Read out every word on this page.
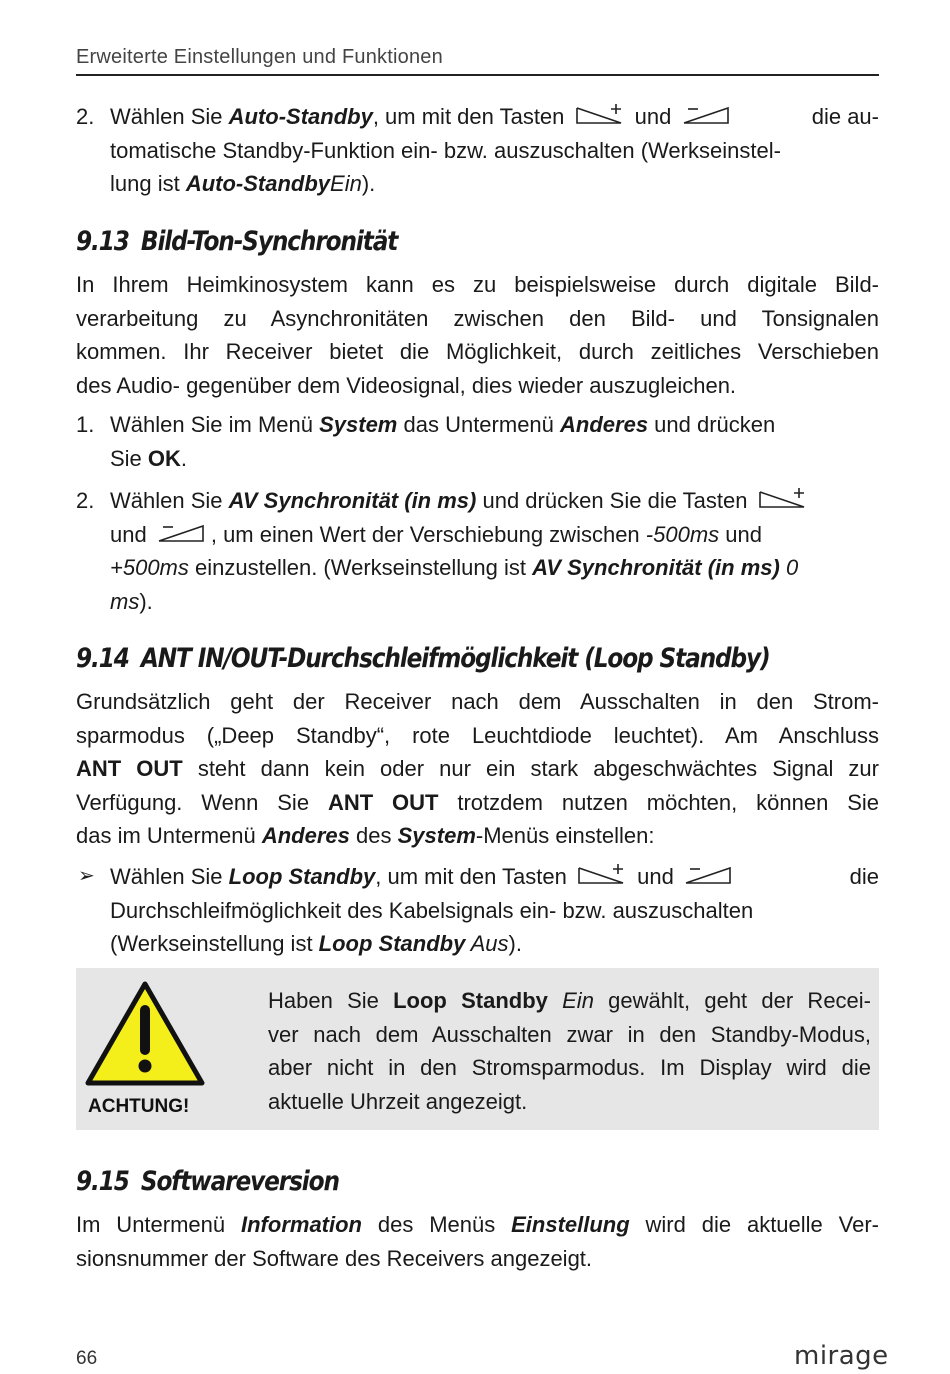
Erweiterte Einstellungen und Funktionen
2. Wählen Sie Auto-Standby, um mit den Tasten	und	die au-
tomatische Standby-Funktion ein- bzw. auszuschalten (Werkseinstel-
lung ist Auto-StandbyEin).
9.13 Bild-Ton-Synchronität
In Ihrem Heimkinosystem kann es zu beispielsweise durch digitale Bild-
verarbeitung zu Asynchronitäten zwischen den Bild- und Tonsignalen
kommen. Ihr Receiver bietet die Möglichkeit, durch zeitliches Verschieben
des Audio- gegenüber dem Videosignal, dies wieder auszugleichen.
1. Wählen Sie im Menü System das Untermenü Anderes und drücken
Sie OK.
2. Wählen Sie AV Synchronität (in ms) und drücken Sie die Tasten
und	, um einen Wert der Verschiebung zwischen -500ms und
+500ms einzustellen. (Werkseinstellung ist AV Synchronität (in ms) 0
ms).
9.14 ANT IN/OUT-Durchschleifmöglichkeit (Loop Standby)
Grundsätzlich geht der Receiver nach dem Ausschalten in den Strom-
sparmodus („Deep Standby“, rote Leuchtdiode leuchtet). Am Anschluss
ANT OUT steht dann kein oder nur ein stark abgeschwächtes Signal zur
Verfügung. Wenn Sie ANT OUT trotzdem nutzen möchten, können Sie
das im Untermenü Anderes des System-Menüs einstellen:
➢ Wählen Sie Loop Standby, um mit den Tasten	und	die
Durchschleifmöglichkeit des Kabelsignals ein- bzw. auszuschalten
(Werkseinstellung ist Loop Standby Aus).
ACHTUNG!
Haben Sie Loop Standby Ein gewählt, geht der Recei-
ver nach dem Ausschalten zwar in den Standby-Modus,
aber nicht in den Stromsparmodus. Im Display wird die
aktuelle Uhrzeit angezeigt.
9.15 Softwareversion
Im Untermenü Information des Menüs Einstellung wird die aktuelle Ver-
sionsnummer der Software des Receivers angezeigt.
66	mirage
